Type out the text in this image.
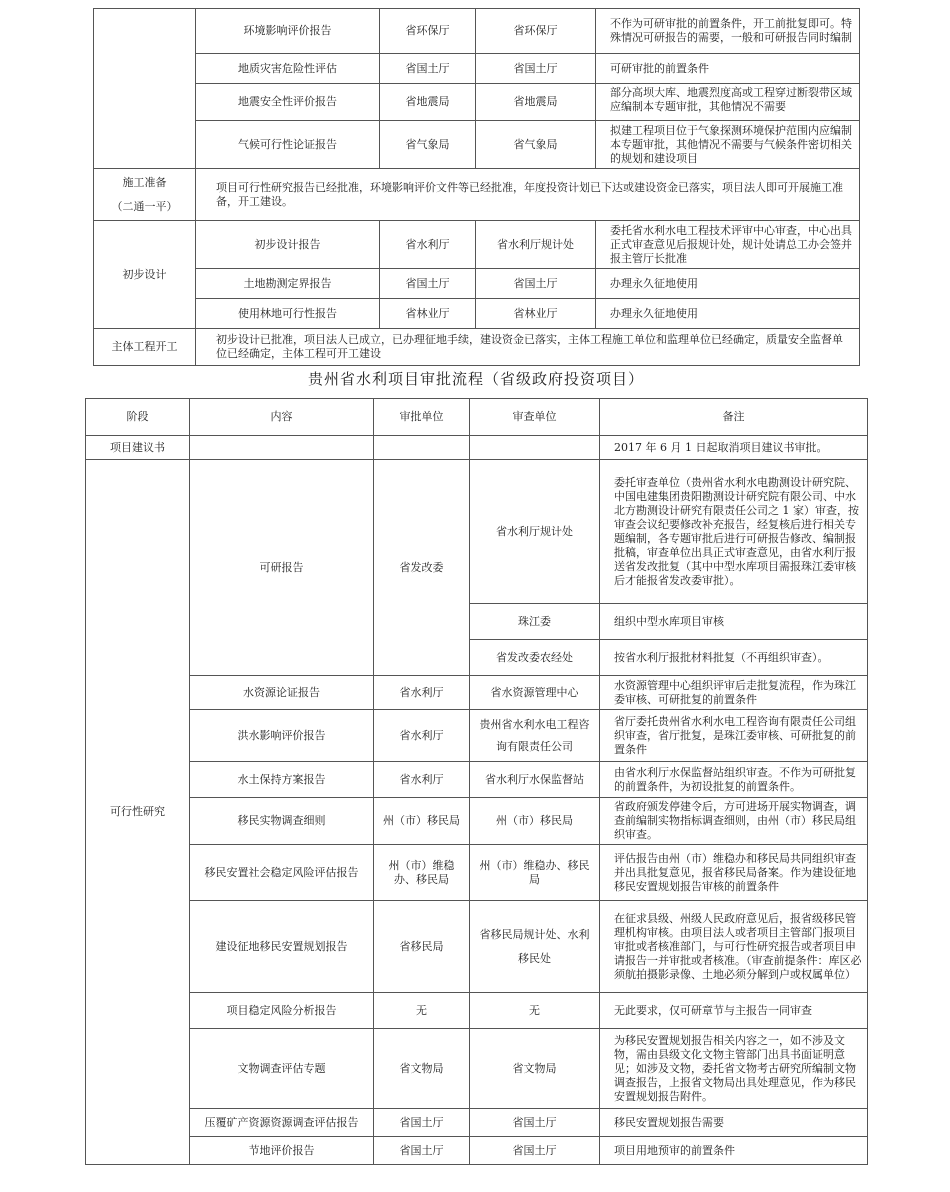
	环境影响评价报告	省环保厅	省环保厅	不作为可研审批的前置条件，开工前批复即可。特殊情况可研报告的需要，一般和可研报告同时编制
	地质灾害危险性评估	省国土厅	省国土厅	可研审批的前置条件
	地震安全性评价报告	省地震局	省地震局	部分高坝大库、地震烈度高或工程穿过断裂带区域应编制本专题审批，其他情况不需要

	气候可行性论证报告	省气象局	省气象局	拟建工程项目位于气象探测环境保护范围内应编制本专题审批，其他情况不需要与气候条件密切相关的规划和建设项目

施工准备
（二通一平）	项目可行性研究报告已经批准，环境影响评价文件等已经批准，年度投资计划已下达或建设资金已落实，项目法人即可开展施工准备，开工建设。			
初步设计	初步设计报告	省水利厅	省水利厅规计处	委托省水利水电工程技术评审中心审查，中心出具正式审查意见后报规计处，规计处请总工办会签并报主管厅长批准
	土地勘测定界报告	省国土厅	省国土厅	办理永久征地使用
	使用林地可行性报告	省林业厅	省林业厅	办理永久征地使用
主体工程开工	初步设计已批准，项目法人已成立，已办理征地手续，建设资金已落实，主体工程施工单位和监理单位已经确定，质量安全监督单位已经确定，主体工程可开工建设			
贵州省水利项目审批流程（省级政府投资项目）
阶段	内容	审批单位	审查单位	备注
项目建议书				2017 年 6 月 1 日起取消项目建议书审批。
可行性研究	可研报告	省发改委	省水利厅规计处	委托审查单位（贵州省水利水电勘测设计研究院、中国电建集团贵阳勘测设计研究院有限公司、中水北方勘测设计研究有限责任公司之 1 家）审查，按审查会议纪要修改补充报告，经复核后进行相关专题编制，各专题审批后进行可研报告修改、编制报批稿，审查单位出具正式审查意见，由省水利厅报送省发改批复（其中中型水库项目需报珠江委审核后才能报省发改委审批）。
			珠江委	组织中型水库项目审核
			省发改委农经处	按省水利厅报批材料批复（不再组织审查）。
	水资源论证报告	省水利厅	省水资源管理中心	水资源管理中心组织评审后走批复流程，作为珠江委审核、可研批复的前置条件
	洪水影响评价报告	省水利厅	贵州省水利水电工程咨询有限责任公司	省厅委托贵州省水利水电工程咨询有限责任公司组织审查，省厅批复，是珠江委审核、可研批复的前置条件
	水土保持方案报告	省水利厅	省水利厅水保监督站	由省水利厅水保监督站组织审查。不作为可研批复的前置条件，为初设批复的前置条件。
	移民实物调查细则	州（市）移民局	州（市）移民局	省政府颁发停建令后，方可进场开展实物调查，调查前编制实物指标调查细则，由州（市）移民局组织审查。
	移民安置社会稳定风险评估报告	州（市）维稳办、移民局	州（市）维稳办、移民局	评估报告由州（市）维稳办和移民局共同组织审查并出具批复意见，报省移民局备案。作为建设征地移民安置规划报告审核的前置条件
	建设征地移民安置规划报告	省移民局	省移民局规计处、水利移民处	在征求县级、州级人民政府意见后，报省级移民管理机构审核。由项目法人或者项目主管部门报项目审批或者核准部门，与可行性研究报告或者项目申请报告一并审批或者核准。（审查前提条件：库区必须航拍摄影录像、土地必须分解到户或权属单位）
	项目稳定风险分析报告	无	无	无此要求，仅可研章节与主报告一同审查
	文物调查评估专题	省文物局	省文物局	为移民安置规划报告相关内容之一，如不涉及文物，需由县级文化文物主管部门出具书面证明意见；如涉及文物，委托省文物考古研究所编制文物调查报告，上报省文物局出具处理意见，作为移民安置规划报告附件。
	压覆矿产资源资源调查评估报告	省国土厅	省国土厅	移民安置规划报告需要
	节地评价报告	省国土厅	省国土厅	项目用地预审的前置条件
